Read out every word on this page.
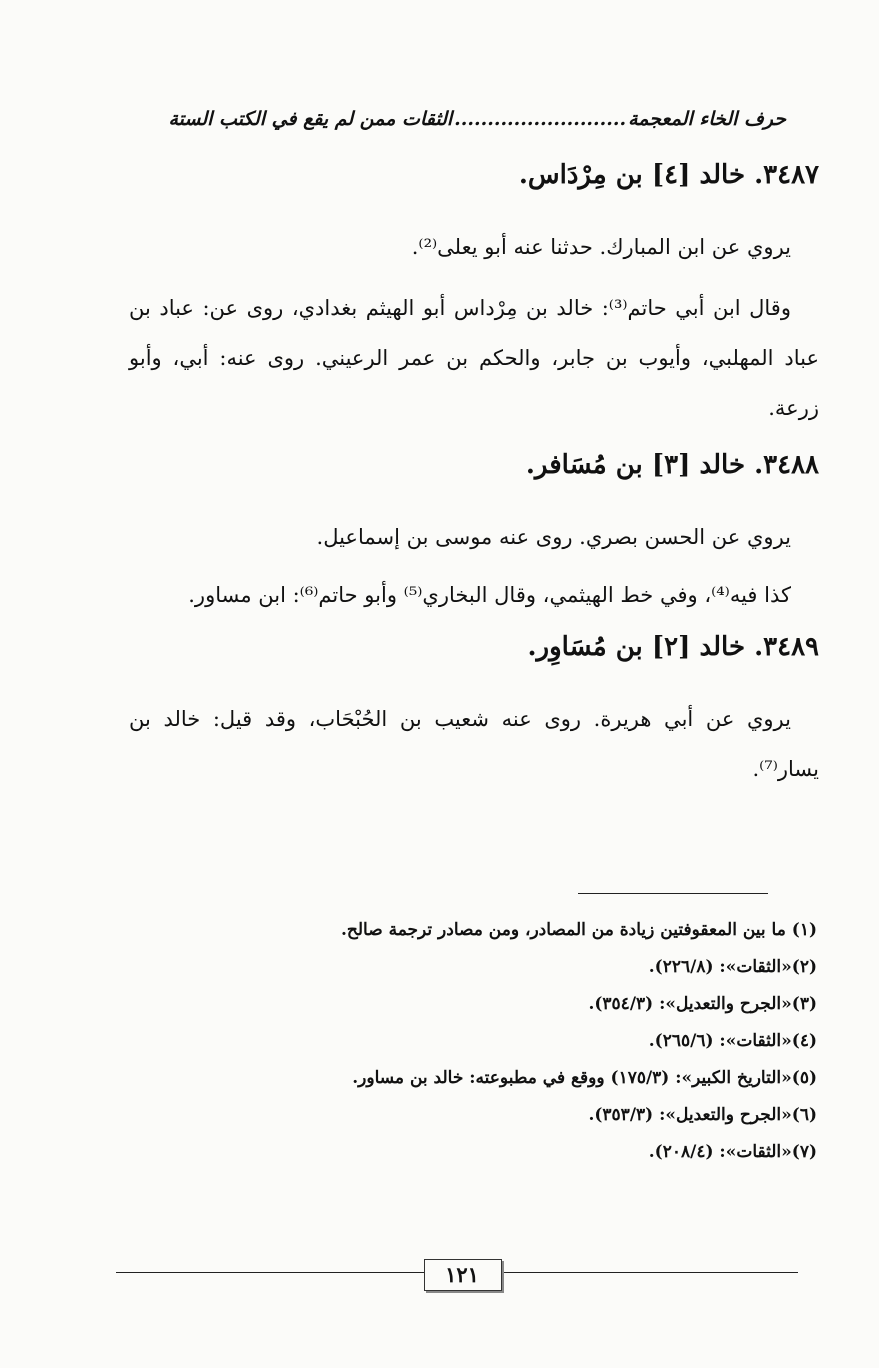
حرف الخاء المعجمة..........................الثقات ممن لم يقع في الكتب الستة
٣٤٨٧. خالد [٤] بن مِرْدَاس.
يروي عن ابن المبارك. حدثنا عنه أبو يعلى⁽²⁾.
وقال ابن أبي حاتم⁽³⁾: خالد بن مِرْداس أبو الهيثم بغدادي، روى عن: عباد بن عباد المهلبي، وأيوب بن جابر، والحكم بن عمر الرعيني. روى عنه: أبي، وأبو زرعة.
٣٤٨٨. خالد [٣] بن مُسَافر.
يروي عن الحسن بصري. روى عنه موسى بن إسماعيل.
كذا فيه⁽⁴⁾، وفي خط الهيثمي، وقال البخاري⁽⁵⁾ وأبو حاتم⁽⁶⁾: ابن مساور.
٣٤٨٩. خالد [٢] بن مُسَاوِر.
يروي عن أبي هريرة. روى عنه شعيب بن الحُبْحَاب، وقد قيل: خالد بن يسار⁽⁷⁾.
(١) ما بين المعقوفتين زيادة من المصادر، ومن مصادر ترجمة صالح.
(٢)«الثقات»: (٢٢٦/٨).
(٣)«الجرح والتعديل»: (٣٥٤/٣).
(٤)«الثقات»: (٢٦٥/٦).
(٥)«التاريخ الكبير»: (١٧٥/٣) ووقع في مطبوعته: خالد بن مساور.
(٦)«الجرح والتعديل»: (٣٥٣/٣).
(٧)«الثقات»: (٢٠٨/٤).
١٢١
